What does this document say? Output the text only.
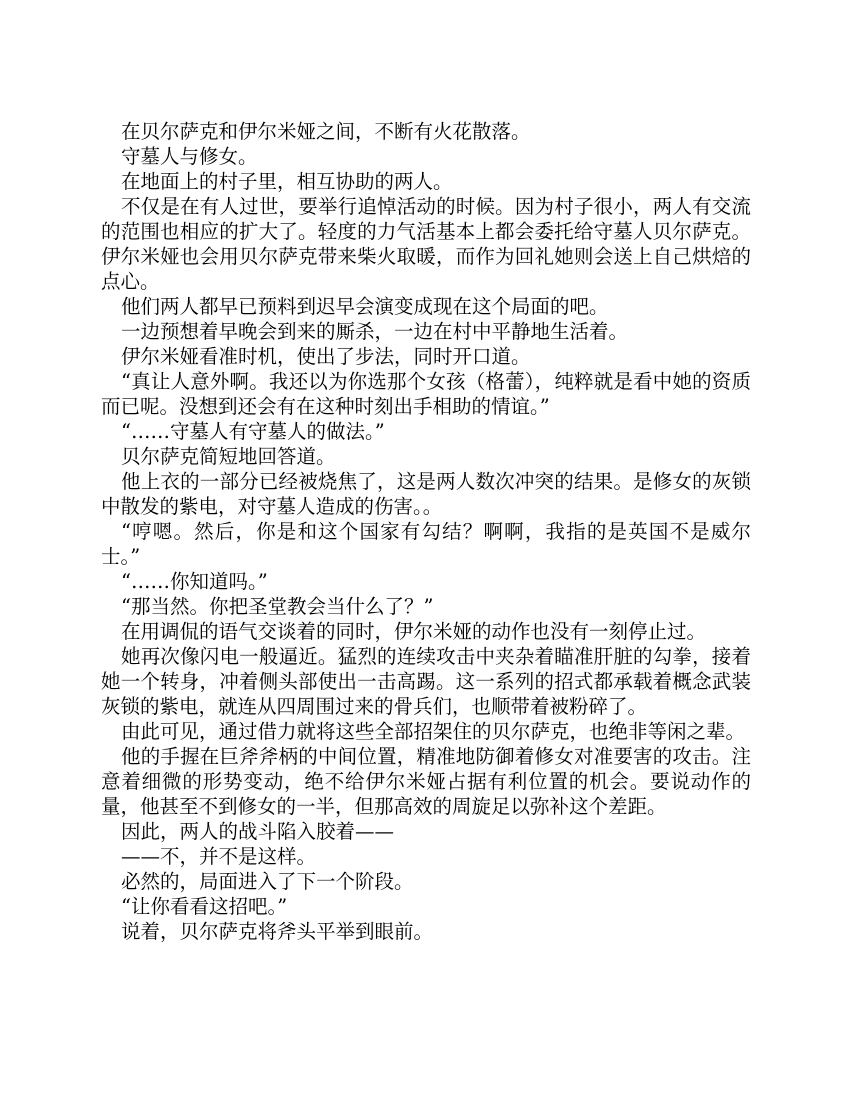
在贝尔萨克和伊尔米娅之间，不断有火花散落。

守墓人与修女。

在地面上的村子里，相互协助的两人。

不仅是在有人过世，要举行追悼活动的时候。因为村子很小，两人有交流的范围也相应的扩大了。轻度的力气活基本上都会委托给守墓人贝尔萨克。伊尔米娅也会用贝尔萨克带来柴火取暖，而作为回礼她则会送上自己烘焙的点心。

他们两人都早已预料到迟早会演变成现在这个局面的吧。

一边预想着早晚会到来的厮杀，一边在村中平静地生活着。

伊尔米娅看准时机，使出了步法，同时开口道。

“真让人意外啊。我还以为你选那个女孩（格蕾），纯粹就是看中她的资质而已呢。没想到还会有在这种时刻出手相助的情谊。”

“……守墓人有守墓人的做法。”

贝尔萨克简短地回答道。

他上衣的一部分已经被烧焦了，这是两人数次冲突的结果。是修女的灰锁中散发的紫电，对守墓人造成的伤害。。

“哼嗯。然后，你是和这个国家有勾结？啊啊，我指的是英国不是威尔士。”

“……你知道吗。”

“那当然。你把圣堂教会当什么了？”

在用调侃的语气交谈着的同时，伊尔米娅的动作也没有一刻停止过。

她再次像闪电一般逼近。猛烈的连续攻击中夹杂着瞄准肝脏的勾拳，接着她一个转身，冲着侧头部使出一击高踢。这一系列的招式都承载着概念武装灰锁的紫电，就连从四周围过来的骨兵们，也顺带着被粉碎了。

由此可见，通过借力就将这些全部招架住的贝尔萨克，也绝非等闲之辈。

他的手握在巨斧斧柄的中间位置，精准地防御着修女对准要害的攻击。注意着细微的形势变动，绝不给伊尔米娅占据有利位置的机会。要说动作的量，他甚至不到修女的一半，但那高效的周旋足以弥补这个差距。

因此，两人的战斗陷入胶着——

——不，并不是这样。

必然的，局面进入了下一个阶段。

“让你看看这招吧。”

说着，贝尔萨克将斧头平举到眼前。
